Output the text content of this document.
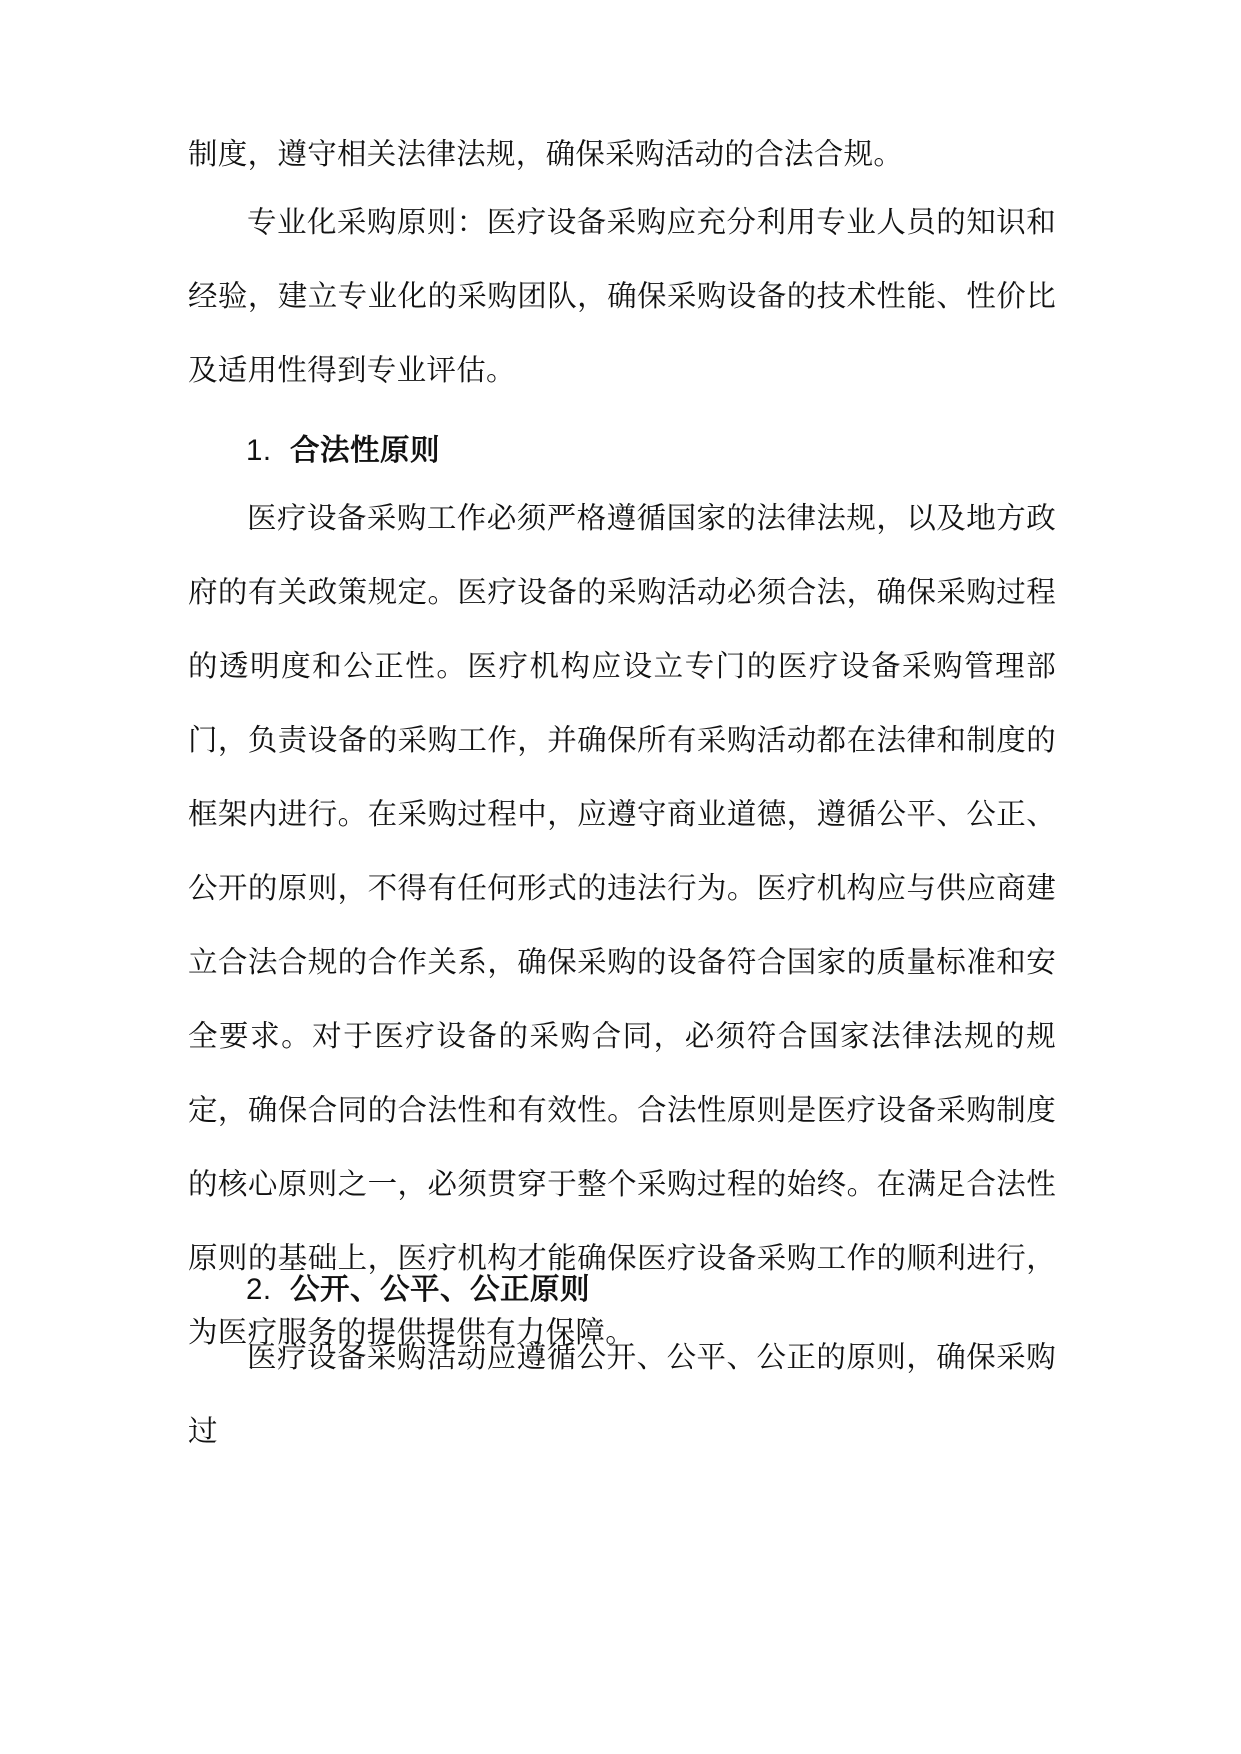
制度，遵守相关法律法规，确保采购活动的合法合规。

专业化采购原则：医疗设备采购应充分利用专业人员的知识和经验，建立专业化的采购团队，确保采购设备的技术性能、性价比及适用性得到专业评估。

1. 合法性原则

医疗设备采购工作必须严格遵循国家的法律法规，以及地方政府的有关政策规定。医疗设备的采购活动必须合法，确保采购过程的透明度和公正性。医疗机构应设立专门的医疗设备采购管理部门，负责设备的采购工作，并确保所有采购活动都在法律和制度的框架内进行。在采购过程中，应遵守商业道德，遵循公平、公正、公开的原则，不得有任何形式的违法行为。医疗机构应与供应商建立合法合规的合作关系，确保采购的设备符合国家的质量标准和安全要求。对于医疗设备的采购合同，必须符合国家法律法规的规定，确保合同的合法性和有效性。合法性原则是医疗设备采购制度的核心原则之一，必须贯穿于整个采购过程的始终。在满足合法性原则的基础上，医疗机构才能确保医疗设备采购工作的顺利进行，为医疗服务的提供提供有力保障。

2. 公开、公平、公正原则

医疗设备采购活动应遵循公开、公平、公正的原则，确保采购过
